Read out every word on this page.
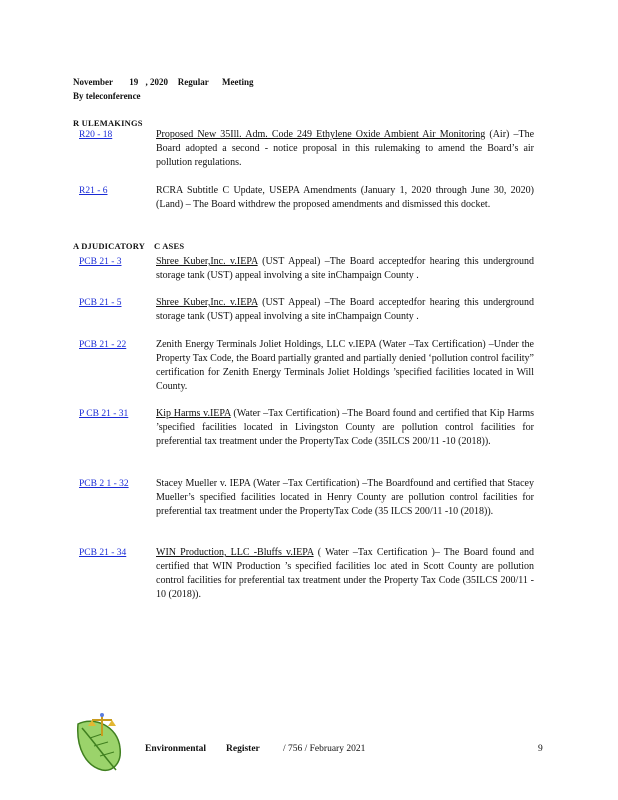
November 19 , 2020 Regular Meeting
By teleconference
R ULEMAKINGS
A DJUDICATORY C ASES
R20 - 18	Proposed New 35Ill. Adm. Code 249 Ethylene Oxide Ambient Air Monitoring (Air) –The Board adopted a second - notice proposal in this rulemaking to amend the Board’s air pollution regulations.
R21 - 6	RCRA Subtitle C Update, USEPA Amendments (January 1, 2020 through June 30, 2020) (Land) – The Board withdrew the proposed amendments and dismissed this docket.
PCB 21 - 3	Shree Kuber,Inc. v.IEPA (UST Appeal) –The Board acceptedfor hearing this underground storage tank (UST) appeal involving a site inChampaign County .
PCB 21 - 5	Shree Kuber,Inc. v.IEPA (UST Appeal) –The Board acceptedfor hearing this underground storage tank (UST) appeal involving a site inChampaign County .
PCB 21 - 22	Zenith Energy Terminals Joliet Holdings, LLC v.IEPA (Water –Tax Certification) –Under the Property Tax Code, the Board partially granted and partially denied ‘pollution control facility” certification for Zenith Energy Terminals Joliet Holdings ’specified facilities located in Will County.
P CB 21 - 31	Kip Harms v.IEPA (Water –Tax Certification) –The Board found and certified that Kip Harms ’specified facilities located in Livingston County are pollution control facilities for preferential tax treatment under the PropertyTax Code (35ILCS 200/11 -10 (2018)).
PCB 2 1 - 32	Stacey Mueller v. IEPA (Water –Tax Certification) –The Boardfound and certified that Stacey Mueller’s specified facilities located in Henry County are pollution control facilities for preferential tax treatment under the PropertyTax Code (35 ILCS 200/11 -10 (2018)).
PCB 21 - 34	WIN Production, LLC -Bluffs v.IEPA ( Water –Tax Certification )– The Board found and certified that WIN Production ’s specified facilities loc ated in Scott County are pollution control facilities for preferential tax treatment under the Property Tax Code (35ILCS 200/11 - 10 (2018)).
Environmental Register / 756 / February 2021	9
